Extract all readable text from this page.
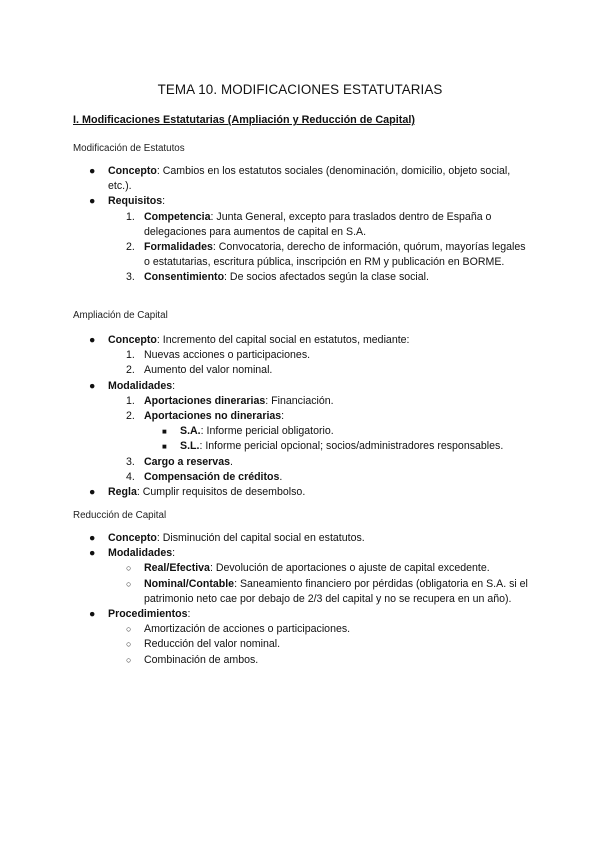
TEMA 10. MODIFICACIONES ESTATUTARIAS
I. Modificaciones Estatutarias (Ampliación y Reducción de Capital)
Modificación de Estatutos
● Concepto: Cambios en los estatutos sociales (denominación, domicilio, objeto social, etc.).
● Requisitos:
1. Competencia: Junta General, excepto para traslados dentro de España o delegaciones para aumentos de capital en S.A.
2. Formalidades: Convocatoria, derecho de información, quórum, mayorías legales o estatutarias, escritura pública, inscripción en RM y publicación en BORME.
3. Consentimiento: De socios afectados según la clase social.
Ampliación de Capital
● Concepto: Incremento del capital social en estatutos, mediante:
1. Nuevas acciones o participaciones.
2. Aumento del valor nominal.
● Modalidades:
1. Aportaciones dinerarias: Financiación.
2. Aportaciones no dinerarias:
■ S.A.: Informe pericial obligatorio.
■ S.L.: Informe pericial opcional; socios/administradores responsables.
3. Cargo a reservas.
4. Compensación de créditos.
● Regla: Cumplir requisitos de desembolso.
Reducción de Capital
● Concepto: Disminución del capital social en estatutos.
● Modalidades:
○ Real/Efectiva: Devolución de aportaciones o ajuste de capital excedente.
○ Nominal/Contable: Saneamiento financiero por pérdidas (obligatoria en S.A. si el patrimonio neto cae por debajo de 2/3 del capital y no se recupera en un año).
● Procedimientos:
○ Amortización de acciones o participaciones.
○ Reducción del valor nominal.
○ Combinación de ambos.
